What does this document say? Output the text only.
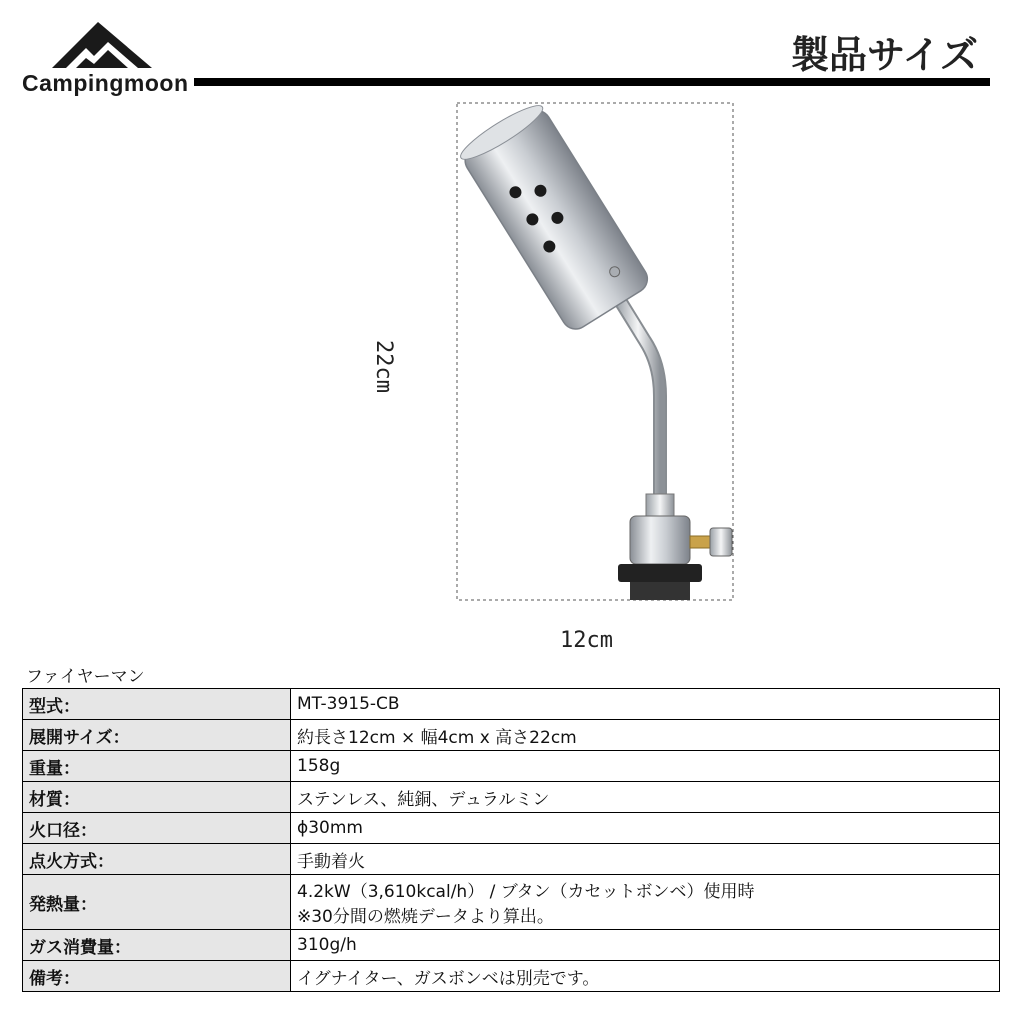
Campingmoon
製品サイズ
22cm
12cm
ファイヤーマン
型式：	MT-3915-CB
展開サイズ：	約長さ12cm × 幅4cm x 高さ22cm
重量：	158g
材質：	ステンレス、純銅、デュラルミン
火口径：	ϕ30mm
点火方式：	手動着火
発熱量：	4.2kW（3,610kcal/h） / ブタン（カセットボンベ）使用時
※30分間の燃焼データより算出。

ガス消費量：	310g/h
備考：	イグナイター、ガスボンベは別売です。
